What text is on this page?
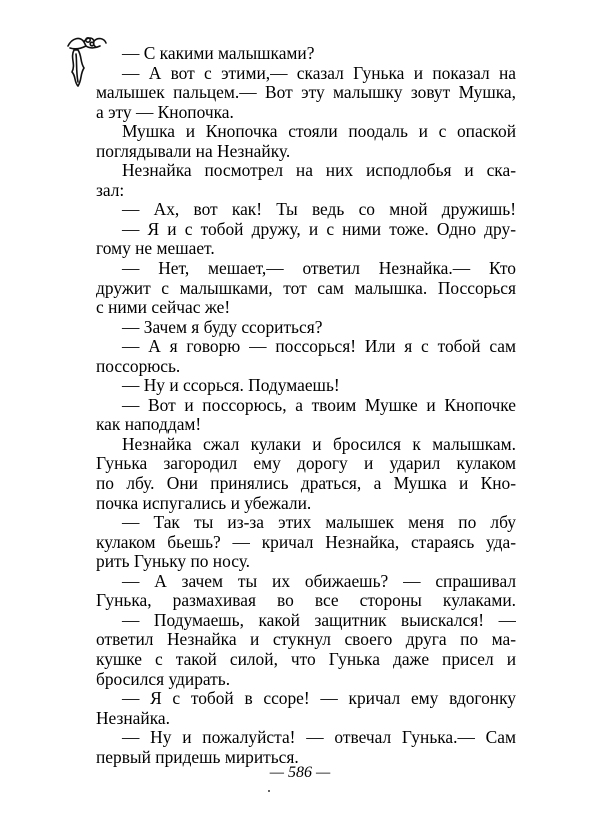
— С какими малышками?
— А вот с этими,— сказал Гунька и показал на
малышек пальцем.— Вот эту малышку зовут Мушка,
а эту — Кнопочка.
Мушка и Кнопочка стояли поодаль и с опаской
поглядывали на Незнайку.
Незнайка посмотрел на них исподлобья и ска-
зал:
— Ах, вот как! Ты ведь со мной дружишь!
— Я и с тобой дружу, и с ними тоже. Одно дру-
гому не мешает.
— Нет, мешает,— ответил Незнайка.— Кто
дружит с малышками, тот сам малышка. Поссорься
с ними сейчас же!
— Зачем я буду ссориться?
— А я говорю — поссорься! Или я с тобой сам
поссорюсь.
— Ну и ссорься. Подумаешь!
— Вот и поссорюсь, а твоим Мушке и Кнопочке
как наподдам!
Незнайка сжал кулаки и бросился к малышкам.
Гунька загородил ему дорогу и ударил кулаком
по лбу. Они принялись драться, а Мушка и Кно-
почка испугались и убежали.
— Так ты из-за этих малышек меня по лбу
кулаком бьешь? — кричал Незнайка, стараясь уда-
рить Гуньку по носу.
— А зачем ты их обижаешь? — спрашивал
Гунька, размахивая во все стороны кулаками.
— Подумаешь, какой защитник выискался! —
ответил Незнайка и стукнул своего друга по ма-
кушке с такой силой, что Гунька даже присел и
бросился удирать.
— Я с тобой в ссоре! — кричал ему вдогонку
Незнайка.
— Ну и пожалуйста! — отвечал Гунька.— Сам
первый придешь мириться.
— 586 —
